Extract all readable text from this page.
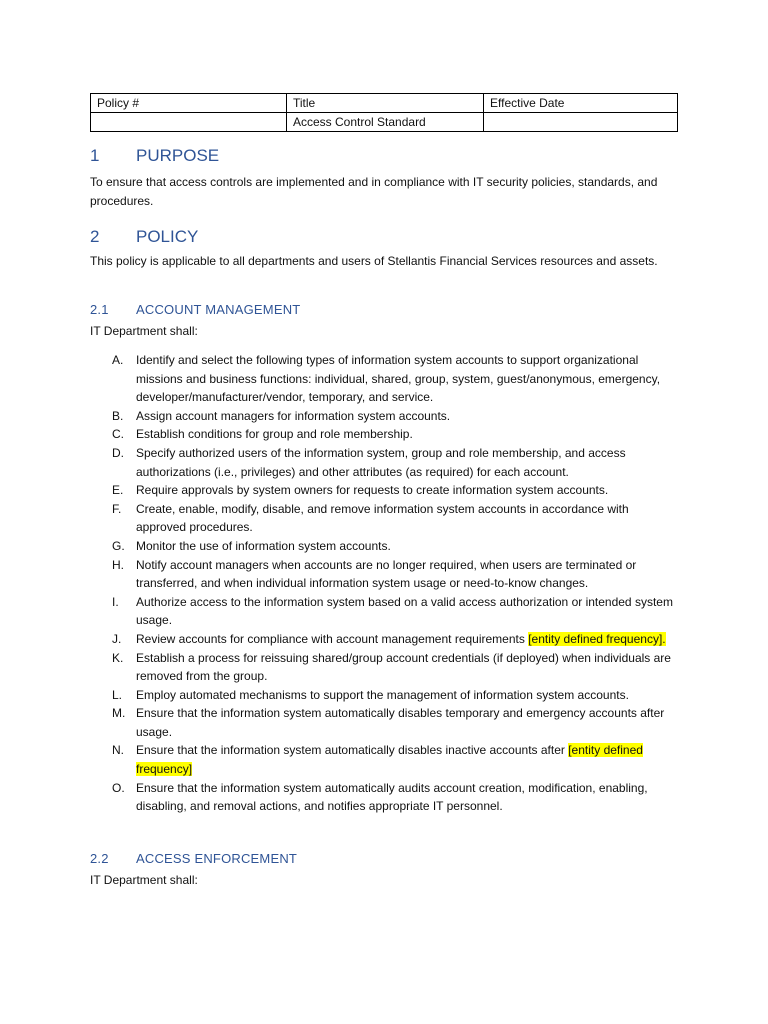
Policy #	Title	Effective Date
	Access Control Standard	
1	PURPOSE
To ensure that access controls are implemented and in compliance with IT security policies, standards, and procedures.
2	POLICY
This policy is applicable to all departments and users of Stellantis Financial Services resources and assets.
2.1	ACCOUNT MANAGEMENT
IT Department shall:
A.	Identify and select the following types of information system accounts to support organizational missions and business functions: individual, shared, group, system, guest/anonymous, emergency, developer/manufacturer/vendor, temporary, and service.
B.	Assign account managers for information system accounts.
C.	Establish conditions for group and role membership.
D.	Specify authorized users of the information system, group and role membership, and access authorizations (i.e., privileges) and other attributes (as required) for each account.
E.	Require approvals by system owners for requests to create information system accounts.
F.	Create, enable, modify, disable, and remove information system accounts in accordance with approved procedures.
G. Monitor the use of information system accounts.
H.	Notify account managers when accounts are no longer required, when users are terminated or transferred, and when individual information system usage or need-to-know changes.
I.	Authorize access to the information system based on a valid access authorization or intended system usage.
J.	Review accounts for compliance with account management requirements [entity defined frequency].
K.	Establish a process for reissuing shared/group account credentials (if deployed) when individuals are removed from the group.
L.	Employ automated mechanisms to support the management of information system accounts.
M. Ensure that the information system automatically disables temporary and emergency accounts after usage.
N.	Ensure that the information system automatically disables inactive accounts after [entity defined frequency]
O. Ensure that the information system automatically audits account creation, modification, enabling, disabling, and removal actions, and notifies appropriate IT personnel.
2.2	ACCESS ENFORCEMENT
IT Department shall:
